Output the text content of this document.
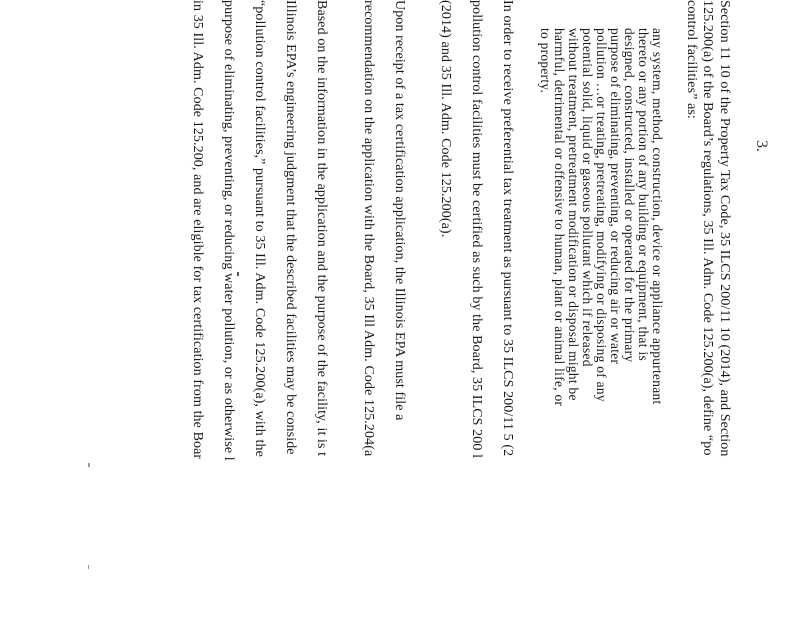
3.
Section 11 10 of the Property Tax Code, 35 ILCS 200/11 10 (2014), and Section
125.200(a) of the Board’s regulations, 35 Ill. Adm. Code 125.200(a), define “po
control facilities” as:
any system, method, construction, device or appliance appurtenant
thereto or any portion of any building or equipment, that is
designed, constructed, installed or operated for the primary
purpose of eliminating, preventing, or reducing air or water
pollution …or treating, pretreating, modifying or disposing of any
potential solid, liquid or gaseous pollutant which if released
without treatment, pretreatment modification or disposal might be
harmful, detrimental or offensive to human, plant or animal life, or
to property.
In order to receive preferential tax treatment as pursuant to 35 ILCS 200/11 5 (2
pollution control facilities must be certified as such by the Board, 35 ILCS 200 l
(2014) and 35 Ill. Adm. Code 125.200(a).
Upon receipt of a tax certification application, the Illinois EPA must file a
recommendation on the application with the Board, 35 Ill Adm. Code 125.204(a
Based on the information in the application and the purpose of the facility, it is t
Illinois EPA’s engineering judgment that the described facilities may be conside
“pollution control facilities,” pursuant to 35 Ill. Adm. Code 125.200(a), with the
purpose of eliminating, preventing, or reducing water pollution, or as otherwise l
in 35 Ill. Adm. Code 125.200, and are eligible for tax certification from the Boar
